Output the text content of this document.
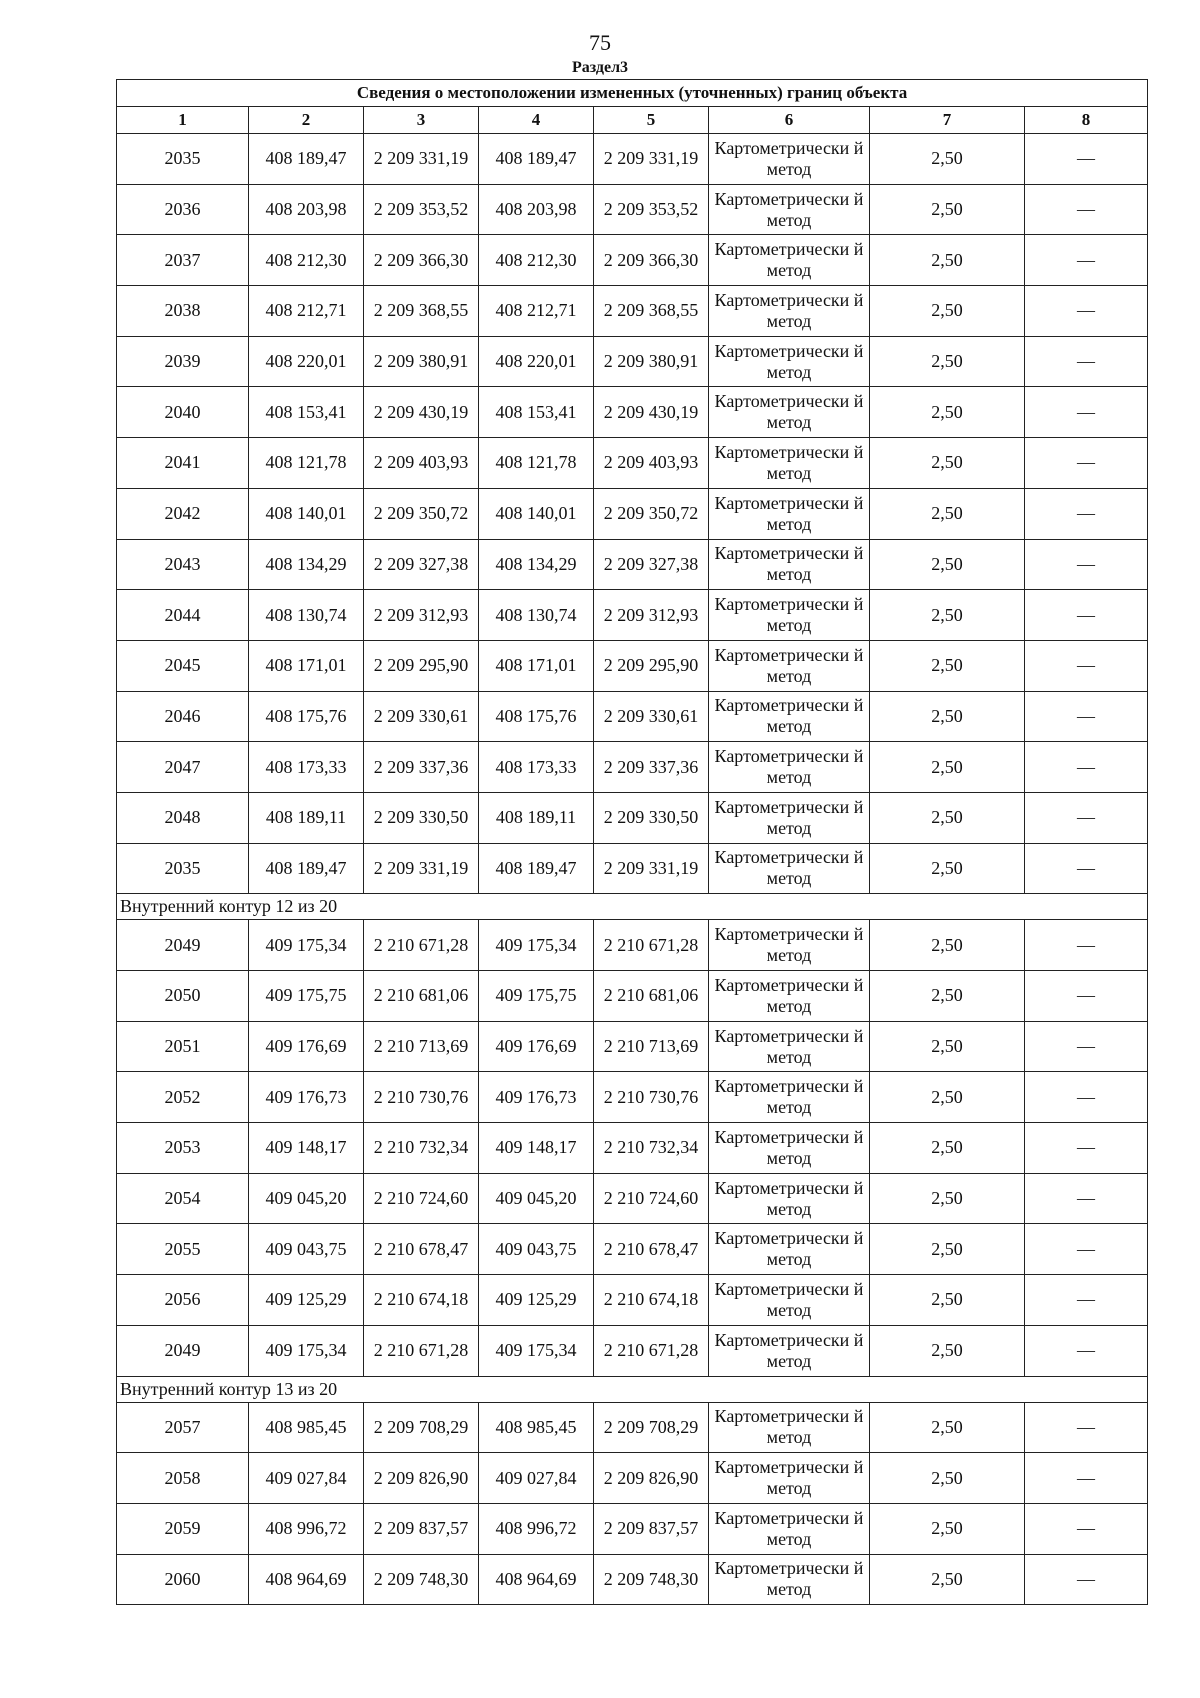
75
Раздел3
Сведения о местоположении измененных (уточненных) границ объекта							
1	2	3	4	5	6	7	8
2035	408 189,47	2 209 331,19	408 189,47	2 209 331,19	Картометрически й метод	2,50	—
2036	408 203,98	2 209 353,52	408 203,98	2 209 353,52	Картометрически й метод	2,50	—
2037	408 212,30	2 209 366,30	408 212,30	2 209 366,30	Картометрически й метод	2,50	—
2038	408 212,71	2 209 368,55	408 212,71	2 209 368,55	Картометрически й метод	2,50	—
2039	408 220,01	2 209 380,91	408 220,01	2 209 380,91	Картометрически й метод	2,50	—
2040	408 153,41	2 209 430,19	408 153,41	2 209 430,19	Картометрически й метод	2,50	—
2041	408 121,78	2 209 403,93	408 121,78	2 209 403,93	Картометрически й метод	2,50	—
2042	408 140,01	2 209 350,72	408 140,01	2 209 350,72	Картометрически й метод	2,50	—
2043	408 134,29	2 209 327,38	408 134,29	2 209 327,38	Картометрически й метод	2,50	—
2044	408 130,74	2 209 312,93	408 130,74	2 209 312,93	Картометрически й метод	2,50	—
2045	408 171,01	2 209 295,90	408 171,01	2 209 295,90	Картометрически й метод	2,50	—
2046	408 175,76	2 209 330,61	408 175,76	2 209 330,61	Картометрически й метод	2,50	—
2047	408 173,33	2 209 337,36	408 173,33	2 209 337,36	Картометрически й метод	2,50	—
2048	408 189,11	2 209 330,50	408 189,11	2 209 330,50	Картометрически й метод	2,50	—
2035	408 189,47	2 209 331,19	408 189,47	2 209 331,19	Картометрически й метод	2,50	—
Внутренний контур 12 из 20							
2049	409 175,34	2 210 671,28	409 175,34	2 210 671,28	Картометрически й метод	2,50	—
2050	409 175,75	2 210 681,06	409 175,75	2 210 681,06	Картометрически й метод	2,50	—
2051	409 176,69	2 210 713,69	409 176,69	2 210 713,69	Картометрически й метод	2,50	—
2052	409 176,73	2 210 730,76	409 176,73	2 210 730,76	Картометрически й метод	2,50	—
2053	409 148,17	2 210 732,34	409 148,17	2 210 732,34	Картометрически й метод	2,50	—
2054	409 045,20	2 210 724,60	409 045,20	2 210 724,60	Картометрически й метод	2,50	—
2055	409 043,75	2 210 678,47	409 043,75	2 210 678,47	Картометрически й метод	2,50	—
2056	409 125,29	2 210 674,18	409 125,29	2 210 674,18	Картометрически й метод	2,50	—
2049	409 175,34	2 210 671,28	409 175,34	2 210 671,28	Картометрически й метод	2,50	—
Внутренний контур 13 из 20							
2057	408 985,45	2 209 708,29	408 985,45	2 209 708,29	Картометрически й метод	2,50	—
2058	409 027,84	2 209 826,90	409 027,84	2 209 826,90	Картометрически й метод	2,50	—
2059	408 996,72	2 209 837,57	408 996,72	2 209 837,57	Картометрически й метод	2,50	—
2060	408 964,69	2 209 748,30	408 964,69	2 209 748,30	Картометрически й метод	2,50	—
